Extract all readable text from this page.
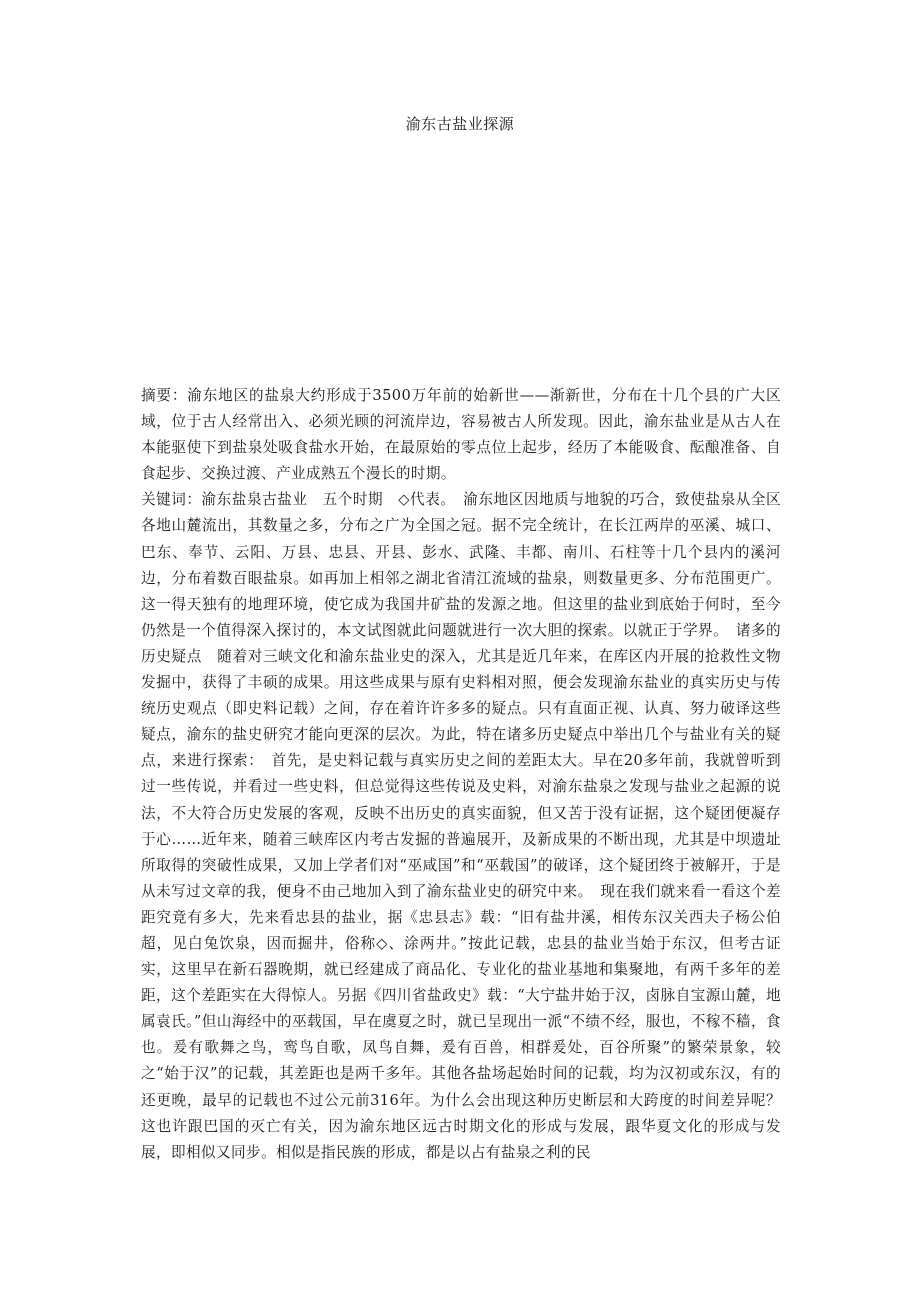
渝东古盐业探源

摘要：渝东地区的盐泉大约形成于3500万年前的始新世——渐新世，分布在十几个县的广大区域，位于古人经常出入、必须光顾的河流岸边，容易被古人所发现。因此，渝东盐业是从古人在本能驱使下到盐泉处吸食盐水开始，在最原始的零点位上起步，经历了本能吸食、酝酿准备、自食起步、交换过渡、产业成熟五个漫长的时期。

关键词：渝东盐泉古盐业　五个时期　◇代表。　渝东地区因地质与地貌的巧合，致使盐泉从全区各地山麓流出，其数量之多，分布之广为全国之冠。据不完全统计，在长江两岸的巫溪、城口、巴东、奉节、云阳、万县、忠县、开县、彭水、武隆、丰都、南川、石柱等十几个县内的溪河边，分布着数百眼盐泉。如再加上相邻之湖北省清江流域的盐泉，则数量更多、分布范围更广。这一得天独有的地理环境，使它成为我国井矿盐的发源之地。但这里的盐业到底始于何时，至今仍然是一个值得深入探讨的，本文试图就此问题就进行一次大胆的探索。以就正于学界。　诸多的历史疑点　随着对三峡文化和渝东盐业史的深入，尤其是近几年来，在库区内开展的抢救性文物发掘中，获得了丰硕的成果。用这些成果与原有史料相对照，便会发现渝东盐业的真实历史与传统历史观点（即史料记载）之间，存在着许许多多的疑点。只有直面正视、认真、努力破译这些疑点，渝东的盐史研究才能向更深的层次。为此，特在诸多历史疑点中举出几个与盐业有关的疑点，来进行探索：　首先，是史料记载与真实历史之间的差距太大。早在20多年前，我就曾听到过一些传说，并看过一些史料，但总觉得这些传说及史料，对渝东盐泉之发现与盐业之起源的说法，不大符合历史发展的客观，反映不出历史的真实面貌，但又苦于没有证据，这个疑团便凝存于心……近年来，随着三峡库区内考古发掘的普遍展开，及新成果的不断出现，尤其是中坝遗址所取得的突破性成果，又加上学者们对“巫咸国”和“巫载国”的破译，这个疑团终于被解开，于是从未写过文章的我，便身不由己地加入到了渝东盐业史的研究中来。　现在我们就来看一看这个差距究竟有多大，先来看忠县的盐业，据《忠县志》载：“旧有盐井溪，相传东汉关西夫子杨公伯超，见白兔饮泉，因而掘井，俗称◇、涂两井。”按此记载，忠县的盐业当始于东汉，但考古证实，这里早在新石器晚期，就已经建成了商品化、专业化的盐业基地和集聚地，有两千多年的差距，这个差距实在大得惊人。另据《四川省盐政史》载：“大宁盐井始于汉，卤脉自宝源山麓，地属袁氏。”但山海经中的巫载国，早在虞夏之时，就已呈现出一派“不绩不经，服也，不稼不穑，食也。爰有歌舞之鸟，鸾鸟自歌，凤鸟自舞，爰有百兽，相群爰处，百谷所聚”的繁荣景象，较之“始于汉”的记载，其差距也是两千多年。其他各盐场起始时间的记载，均为汉初或东汉，有的还更晚，最早的记载也不过公元前316年。为什么会出现这种历史断层和大跨度的时间差异呢？这也许跟巴国的灭亡有关，因为渝东地区远古时期文化的形成与发展，跟华夏文化的形成与发展，即相似又同步。相似是指民族的形成，都是以占有盐泉之利的民
